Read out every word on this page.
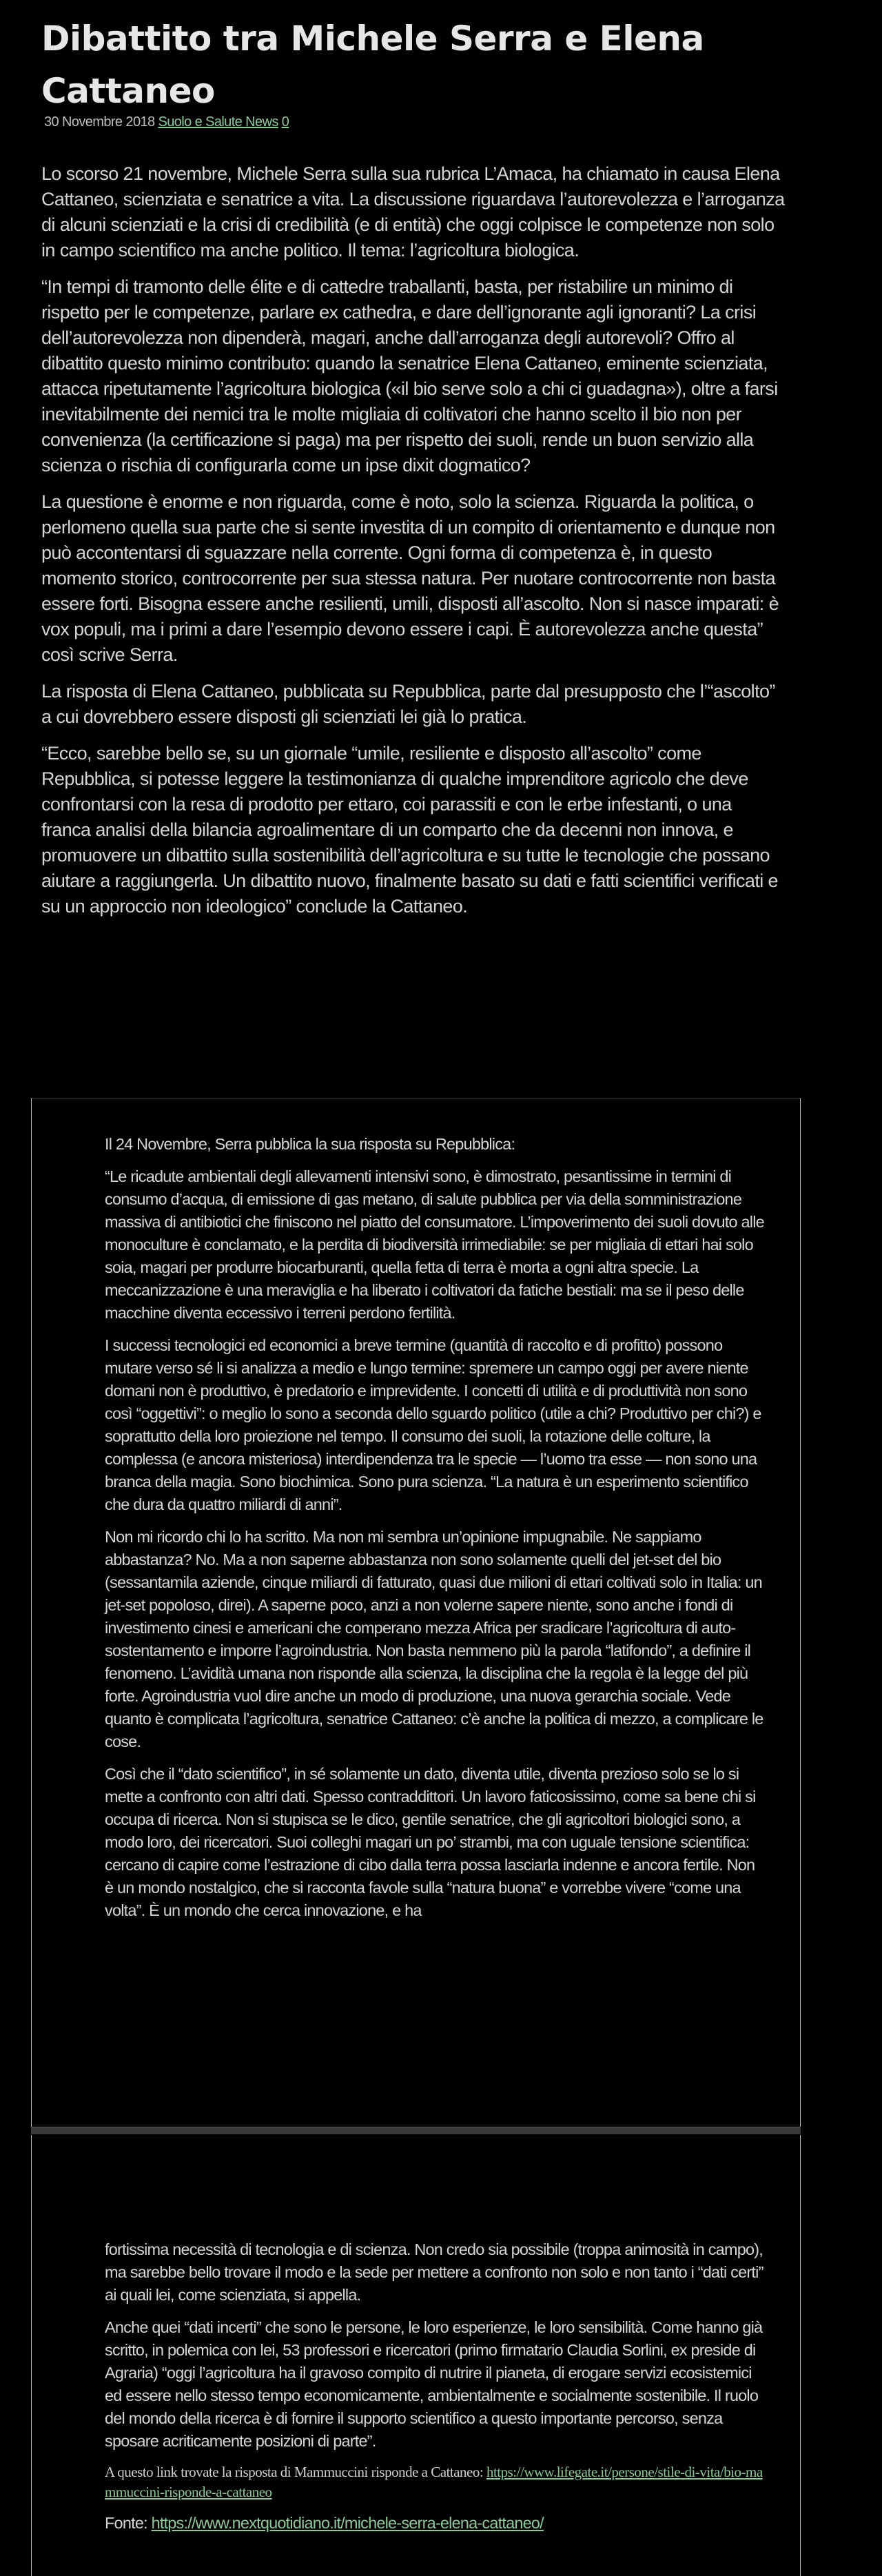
Dibattito tra Michele Serra e Elena Cattaneo
30 Novembre 2018 Suolo e Salute News 0

Lo scorso 21 novembre, Michele Serra sulla sua rubrica L’Amaca, ha chiamato in causa Elena Cattaneo, scienziata e senatrice a vita. La discussione riguardava l’autorevolezza e l’arroganza di alcuni scienziati e la crisi di credibilità (e di entità) che oggi colpisce le competenze non solo in campo scientifico ma anche politico. Il tema: l’agricoltura biologica.

“In tempi di tramonto delle élite e di cattedre traballanti, basta, per ristabilire un minimo di rispetto per le competenze, parlare ex cathedra, e dare dell’ignorante agli ignoranti? La crisi dell’autorevolezza non dipenderà, magari, anche dall’arroganza degli autorevoli? Offro al dibattito questo minimo contributo: quando la senatrice Elena Cattaneo, eminente scienziata, attacca ripetutamente l’agricoltura biologica («il bio serve solo a chi ci guadagna»), oltre a farsi inevitabilmente dei nemici tra le molte migliaia di coltivatori che hanno scelto il bio non per convenienza (la certificazione si paga) ma per rispetto dei suoli, rende un buon servizio alla scienza o rischia di configurarla come un ipse dixit dogmatico?

La questione è enorme e non riguarda, come è noto, solo la scienza. Riguarda la politica, o perlomeno quella sua parte che si sente investita di un compito di orientamento e dunque non può accontentarsi di sguazzare nella corrente. Ogni forma di competenza è, in questo momento storico, controcorrente per sua stessa natura. Per nuotare controcorrente non basta essere forti. Bisogna essere anche resilienti, umili, disposti all’ascolto. Non si nasce imparati: è vox populi, ma i primi a dare l’esempio devono essere i capi. È autorevolezza anche questa” così scrive Serra.

La risposta di Elena Cattaneo, pubblicata su Repubblica, parte dal presupposto che l’“ascolto” a cui dovrebbero essere disposti gli scienziati lei già lo pratica.

“Ecco, sarebbe bello se, su un giornale “umile, resiliente e disposto all’ascolto” come Repubblica, si potesse leggere la testimonianza di qualche imprenditore agricolo che deve confrontarsi con la resa di prodotto per ettaro, coi parassiti e con le erbe infestanti, o una franca analisi della bilancia agroalimentare di un comparto che da decenni non innova, e promuovere un dibattito sulla sostenibilità dell’agricoltura e su tutte le tecnologie che possano aiutare a raggiungerla. Un dibattito nuovo, finalmente basato su dati e fatti scientifici verificati e su un approccio non ideologico” conclude la Cattaneo.

Il 24 Novembre, Serra pubblica la sua risposta su Repubblica:

“Le ricadute ambientali degli allevamenti intensivi sono, è dimostrato, pesantissime in termini di consumo d’acqua, di emissione di gas metano, di salute pubblica per via della somministrazione massiva di antibiotici che finiscono nel piatto del consumatore. L’impoverimento dei suoli dovuto alle monoculture è conclamato, e la perdita di biodiversità irrimediabile: se per migliaia di ettari hai solo soia, magari per produrre biocarburanti, quella fetta di terra è morta a ogni altra specie. La meccanizzazione è una meraviglia e ha liberato i coltivatori da fatiche bestiali: ma se il peso delle macchine diventa eccessivo i terreni perdono fertilità.

I successi tecnologici ed economici a breve termine (quantità di raccolto e di profitto) possono mutare verso sé li si analizza a medio e lungo termine: spremere un campo oggi per avere niente domani non è produttivo, è predatorio e imprevidente. I concetti di utilità e di produttività non sono così “oggettivi”: o meglio lo sono a seconda dello sguardo politico (utile a chi? Produttivo per chi?) e soprattutto della loro proiezione nel tempo. Il consumo dei suoli, la rotazione delle colture, la complessa (e ancora misteriosa) interdipendenza tra le specie — l’uomo tra esse — non sono una branca della magia. Sono biochimica. Sono pura scienza. “La natura è un esperimento scientifico che dura da quattro miliardi di anni”.

Non mi ricordo chi lo ha scritto. Ma non mi sembra un’opinione impugnabile. Ne sappiamo abbastanza? No. Ma a non saperne abbastanza non sono solamente quelli del jet-set del bio (sessantamila aziende, cinque miliardi di fatturato, quasi due milioni di ettari coltivati solo in Italia: un jet-set popoloso, direi). A saperne poco, anzi a non volerne sapere niente, sono anche i fondi di investimento cinesi e americani che comperano mezza Africa per sradicare l’agricoltura di auto-sostentamento e imporre l’agroindustria. Non basta nemmeno più la parola “latifondo”, a definire il fenomeno. L’avidità umana non risponde alla scienza, la disciplina che la regola è la legge del più forte. Agroindustria vuol dire anche un modo di produzione, una nuova gerarchia sociale. Vede quanto è complicata l’agricoltura, senatrice Cattaneo: c’è anche la politica di mezzo, a complicare le cose.

Così che il “dato scientifico”, in sé solamente un dato, diventa utile, diventa prezioso solo se lo si mette a confronto con altri dati. Spesso contraddittori. Un lavoro faticosissimo, come sa bene chi si occupa di ricerca. Non si stupisca se le dico, gentile senatrice, che gli agricoltori biologici sono, a modo loro, dei ricercatori. Suoi colleghi magari un po’ strambi, ma con uguale tensione scientifica: cercano di capire come l’estrazione di cibo dalla terra possa lasciarla indenne e ancora fertile. Non è un mondo nostalgico, che si racconta favole sulla “natura buona” e vorrebbe vivere “come una volta”. È un mondo che cerca innovazione, e ha

fortissima necessità di tecnologia e di scienza. Non credo sia possibile (troppa animosità in campo), ma sarebbe bello trovare il modo e la sede per mettere a confronto non solo e non tanto i “dati certi” ai quali lei, come scienziata, si appella.

Anche quei “dati incerti” che sono le persone, le loro esperienze, le loro sensibilità. Come hanno già scritto, in polemica con lei, 53 professori e ricercatori (primo firmatario Claudia Sorlini, ex preside di Agraria) “oggi l’agricoltura ha il gravoso compito di nutrire il pianeta, di erogare servizi ecosistemici ed essere nello stesso tempo economicamente, ambientalmente e socialmente sostenibile. Il ruolo del mondo della ricerca è di fornire il supporto scientifico a questo importante percorso, senza sposare acriticamente posizioni di parte”.

A questo link trovate la risposta di Mammuccini risponde a Cattaneo: https://www.lifegate.it/persone/stile-di-vita/bio-mammuccini-risponde-a-cattaneo

Fonte: https://www.nextquotidiano.it/michele-serra-elena-cattaneo/
